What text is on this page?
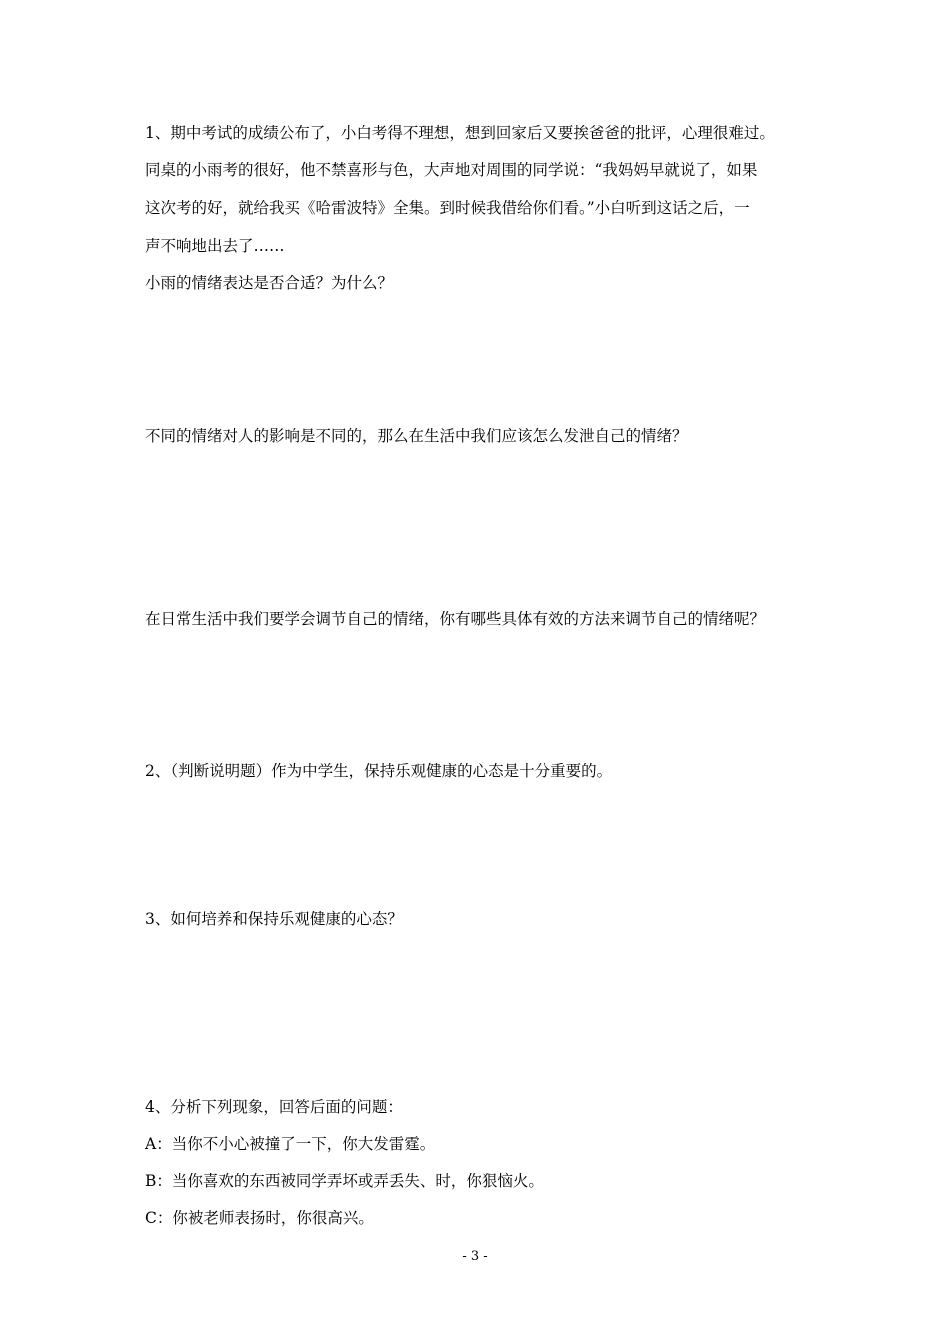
1、期中考试的成绩公布了，小白考得不理想，想到回家后又要挨爸爸的批评，心理很难过。
同桌的小雨考的很好，他不禁喜形与色，大声地对周围的同学说：“我妈妈早就说了，如果
这次考的好，就给我买《哈雷波特》全集。到时候我借给你们看。”小白听到这话之后，一
声不响地出去了……
小雨的情绪表达是否合适？为什么？
不同的情绪对人的影响是不同的，那么在生活中我们应该怎么发泄自己的情绪？
在日常生活中我们要学会调节自己的情绪，你有哪些具体有效的方法来调节自己的情绪呢？
2、（判断说明题）作为中学生，保持乐观健康的心态是十分重要的。
3、如何培养和保持乐观健康的心态？
4、分析下列现象，回答后面的问题：
A：当你不小心被撞了一下，你大发雷霆。
B：当你喜欢的东西被同学弄坏或弄丢失、时，你狠恼火。
C：你被老师表扬时，你很高兴。
- 3 -
